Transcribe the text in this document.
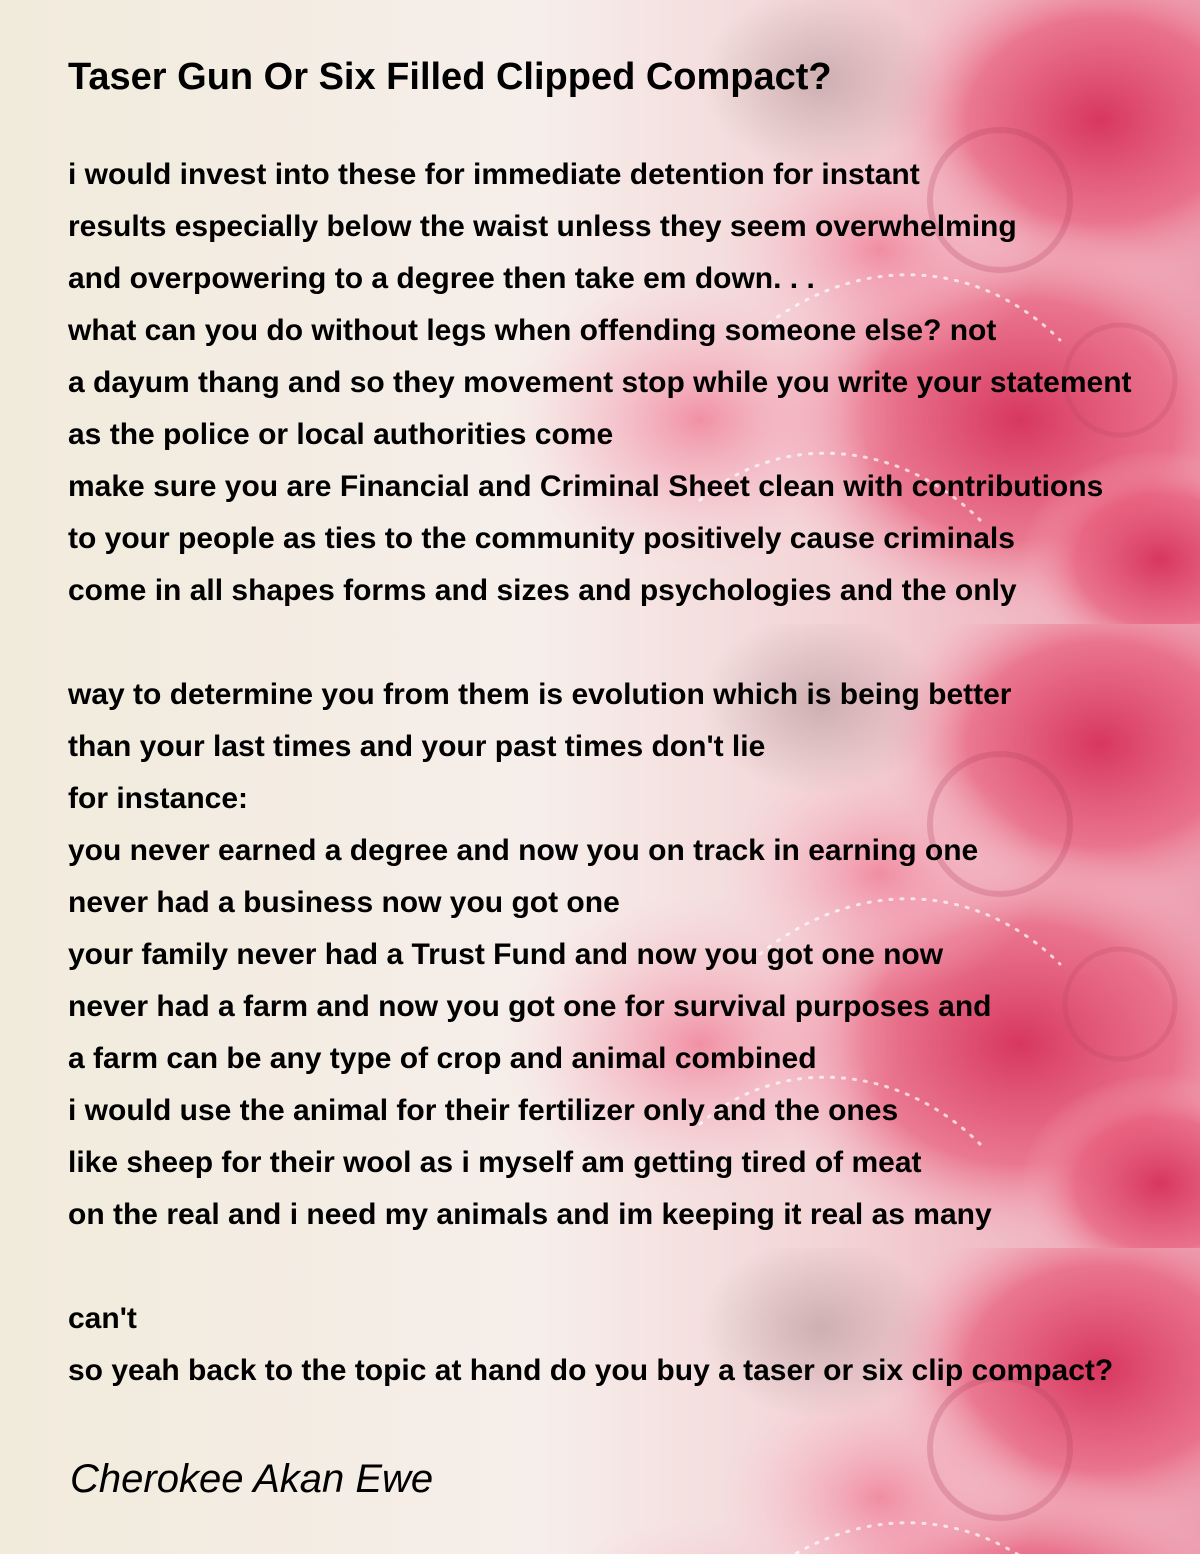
Taser Gun Or Six Filled Clipped Compact?
i would invest into these for immediate detention for instant
results especially below the waist unless they seem overwhelming
and overpowering to a degree then take em down. . .
what can you do without legs when offending someone else? not
a dayum thang and so they movement stop while you write your statement
as the police or local authorities come
make sure you are Financial and Criminal Sheet clean with contributions
to your people as ties to the community positively cause criminals
come in all shapes forms and sizes and psychologies and the only
way to determine you from them is evolution which is being better
than your last times and your past times don't lie
for instance:
you never earned a degree and now you on track in earning one
never had a business now you got one
your family never had a Trust Fund and now you got one now
never had a farm and now you got one for survival purposes and
a farm can be any type of crop and animal combined
i would use the animal for their fertilizer only and the ones
like sheep for their wool as i myself am getting tired of meat
on the real and i need my animals and im keeping it real as many
can't
so yeah back to the topic at hand do you buy a taser or six clip compact?
Cherokee Akan Ewe
